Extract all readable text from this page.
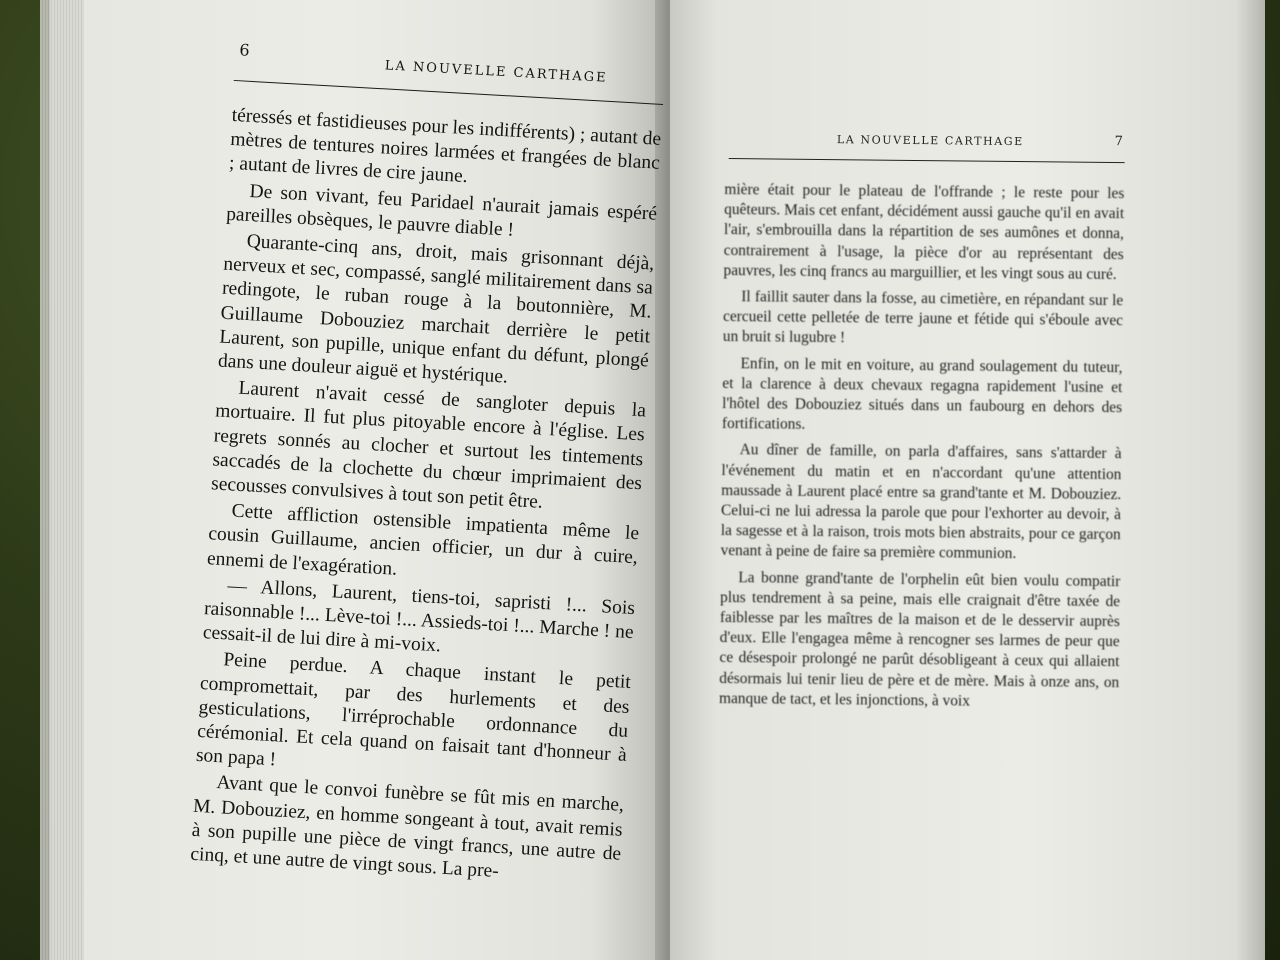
6
LA NOUVELLE CARTHAGE

téressés et fastidieuses pour les indifférents) ; autant de mètres de tentures noires larmées et frangées de blanc ; autant de livres de cire jaune.

De son vivant, feu Paridael n'aurait jamais espéré pareilles obsèques, le pauvre diable !

Quarante-cinq ans, droit, mais grisonnant déjà, nerveux et sec, compassé, sanglé militairement dans sa redingote, le ruban rouge à la boutonnière, M. Guillaume Dobouziez marchait derrière le petit Laurent, son pupille, unique enfant du défunt, plongé dans une douleur aiguë et hystérique.

Laurent n'avait cessé de sangloter depuis la mortuaire. Il fut plus pitoyable encore à l'église. Les regrets sonnés au clocher et surtout les tintements saccadés de la clochette du chœur imprimaient des secousses convulsives à tout son petit être.

Cette affliction ostensible impatienta même le cousin Guillaume, ancien officier, un dur à cuire, ennemi de l'exagération.

— Allons, Laurent, tiens-toi, sapristi !... Sois raisonnable !... Lève-toi !... Assieds-toi !... Marche ! ne cessait-il de lui dire à mi-voix.

Peine perdue. A chaque instant le petit compromettait, par des hurlements et des gesticulations, l'irréprochable ordonnance du cérémonial. Et cela quand on faisait tant d'honneur à son papa !

Avant que le convoi funèbre se fût mis en marche, M. Dobouziez, en homme songeant à tout, avait remis à son pupille une pièce de vingt francs, une autre de cinq, et une autre de vingt sous. La pre-

LA NOUVELLE CARTHAGE	7

mière était pour le plateau de l'offrande ; le reste pour les quêteurs. Mais cet enfant, décidément aussi gauche qu'il en avait l'air, s'embrouilla dans la répartition de ses aumônes et donna, contrairement à l'usage, la pièce d'or au représentant des pauvres, les cinq francs au marguillier, et les vingt sous au curé.

Il faillit sauter dans la fosse, au cimetière, en répandant sur le cercueil cette pelletée de terre jaune et fétide qui s'éboule avec un bruit si lugubre !

Enfin, on le mit en voiture, au grand soulagement du tuteur, et la clarence à deux chevaux regagna rapidement l'usine et l'hôtel des Dobouziez situés dans un faubourg en dehors des fortifications.

Au dîner de famille, on parla d'affaires, sans s'attarder à l'événement du matin et en n'accordant qu'une attention maussade à Laurent placé entre sa grand'tante et M. Dobouziez. Celui-ci ne lui adressa la parole que pour l'exhorter au devoir, à la sagesse et à la raison, trois mots bien abstraits, pour ce garçon venant à peine de faire sa première communion.

La bonne grand'tante de l'orphelin eût bien voulu compatir plus tendrement à sa peine, mais elle craignait d'être taxée de faiblesse par les maîtres de la maison et de le desservir auprès d'eux. Elle l'engagea même à rencogner ses larmes de peur que ce désespoir prolongé ne parût désobligeant à ceux qui allaient désormais lui tenir lieu de père et de mère. Mais à onze ans, on manque de tact, et les injonctions, à voix
